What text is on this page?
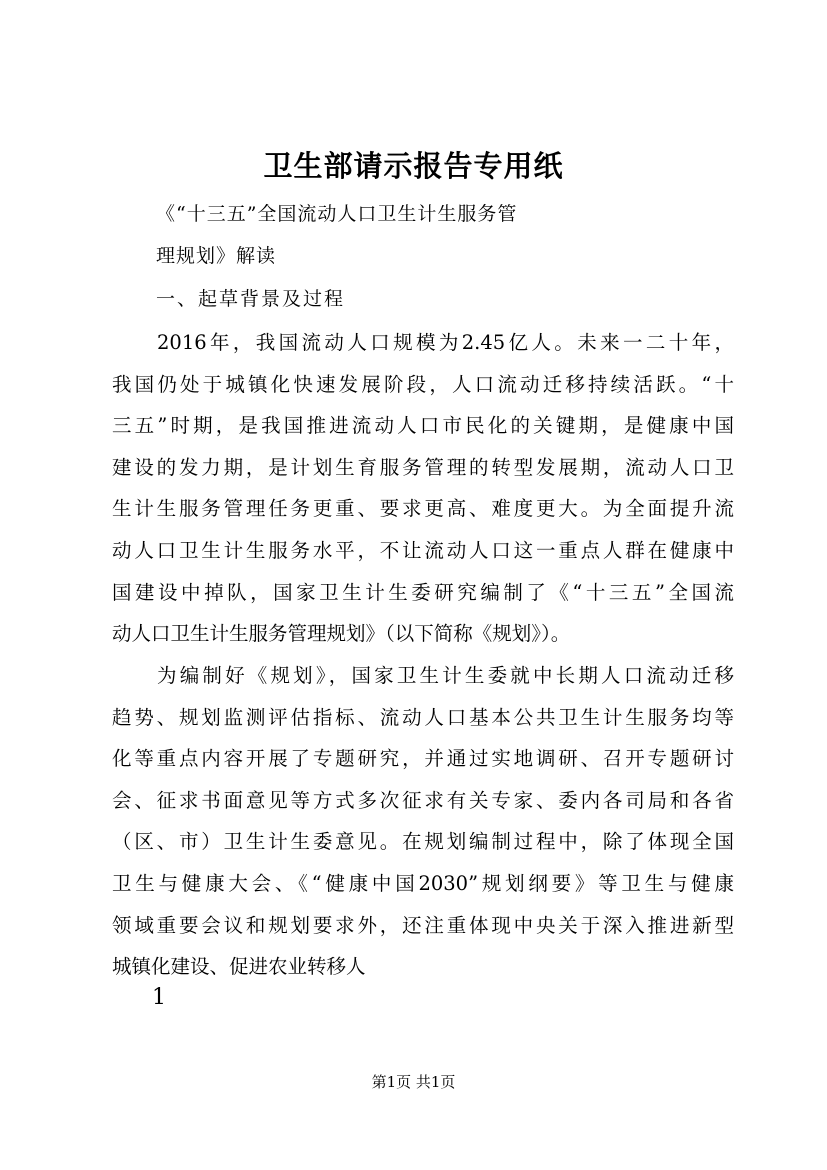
卫生部请示报告专用纸
《“十三五”全国流动人口卫生计生服务管
理规划》解读
一、起草背景及过程
2016年，我国流动人口规模为2.45亿人。未来一二十年，
我国仍处于城镇化快速发展阶段，人口流动迁移持续活跃。“十
三五”时期，是我国推进流动人口市民化的关键期，是健康中国
建设的发力期，是计划生育服务管理的转型发展期，流动人口卫
生计生服务管理任务更重、要求更高、难度更大。为全面提升流
动人口卫生计生服务水平，不让流动人口这一重点人群在健康中
国建设中掉队，国家卫生计生委研究编制了《“十三五”全国流
动人口卫生计生服务管理规划》（以下简称《规划》）。
为编制好《规划》，国家卫生计生委就中长期人口流动迁移
趋势、规划监测评估指标、流动人口基本公共卫生计生服务均等
化等重点内容开展了专题研究，并通过实地调研、召开专题研讨
会、征求书面意见等方式多次征求有关专家、委内各司局和各省
（区、市）卫生计生委意见。在规划编制过程中，除了体现全国
卫生与健康大会、《“健康中国2030”规划纲要》等卫生与健康
领域重要会议和规划要求外，还注重体现中央关于深入推进新型
城镇化建设、促进农业转移人
1
第1页 共1页
